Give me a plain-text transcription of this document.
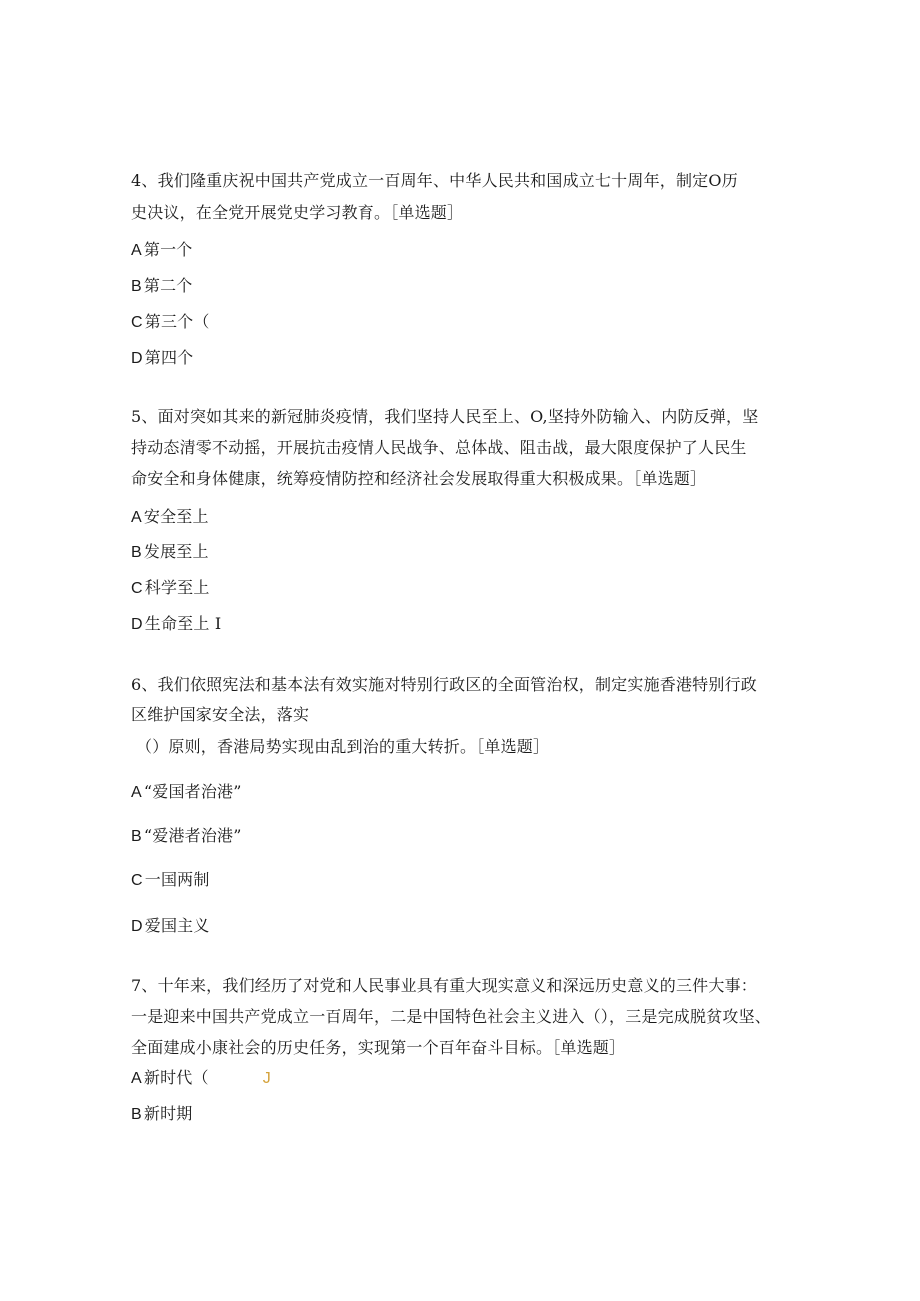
4、我们隆重庆祝中国共产党成立一百周年、中华人民共和国成立七十周年，制定O历
史决议，在全党开展党史学习教育。［单选题］
A 第一个
B 第二个
C 第三个（
D 第四个
5、面对突如其来的新冠肺炎疫情，我们坚持人民至上、O,坚持外防输入、内防反弹，坚
持动态清零不动摇，开展抗击疫情人民战争、总体战、阻击战，最大限度保护了人民生
命安全和身体健康，统筹疫情防控和经济社会发展取得重大积极成果。［单选题］
A 安全至上
B 发展至上
C 科学至上
D 生命至上 I
6、我们依照宪法和基本法有效实施对特别行政区的全面管治权，制定实施香港特别行政
区维护国家安全法，落实
（）原则，香港局势实现由乱到治的重大转折。［单选题］
A “爱国者治港”
B “爱港者治港”
C 一国两制
D 爱国主义
7、十年来，我们经历了对党和人民事业具有重大现实意义和深远历史意义的三件大事：
一是迎来中国共产党成立一百周年，二是中国特色社会主义进入（），三是完成脱贫攻坚、
全面建成小康社会的历史任务，实现第一个百年奋斗目标。［单选题］
A 新时代（	J
B 新时期
